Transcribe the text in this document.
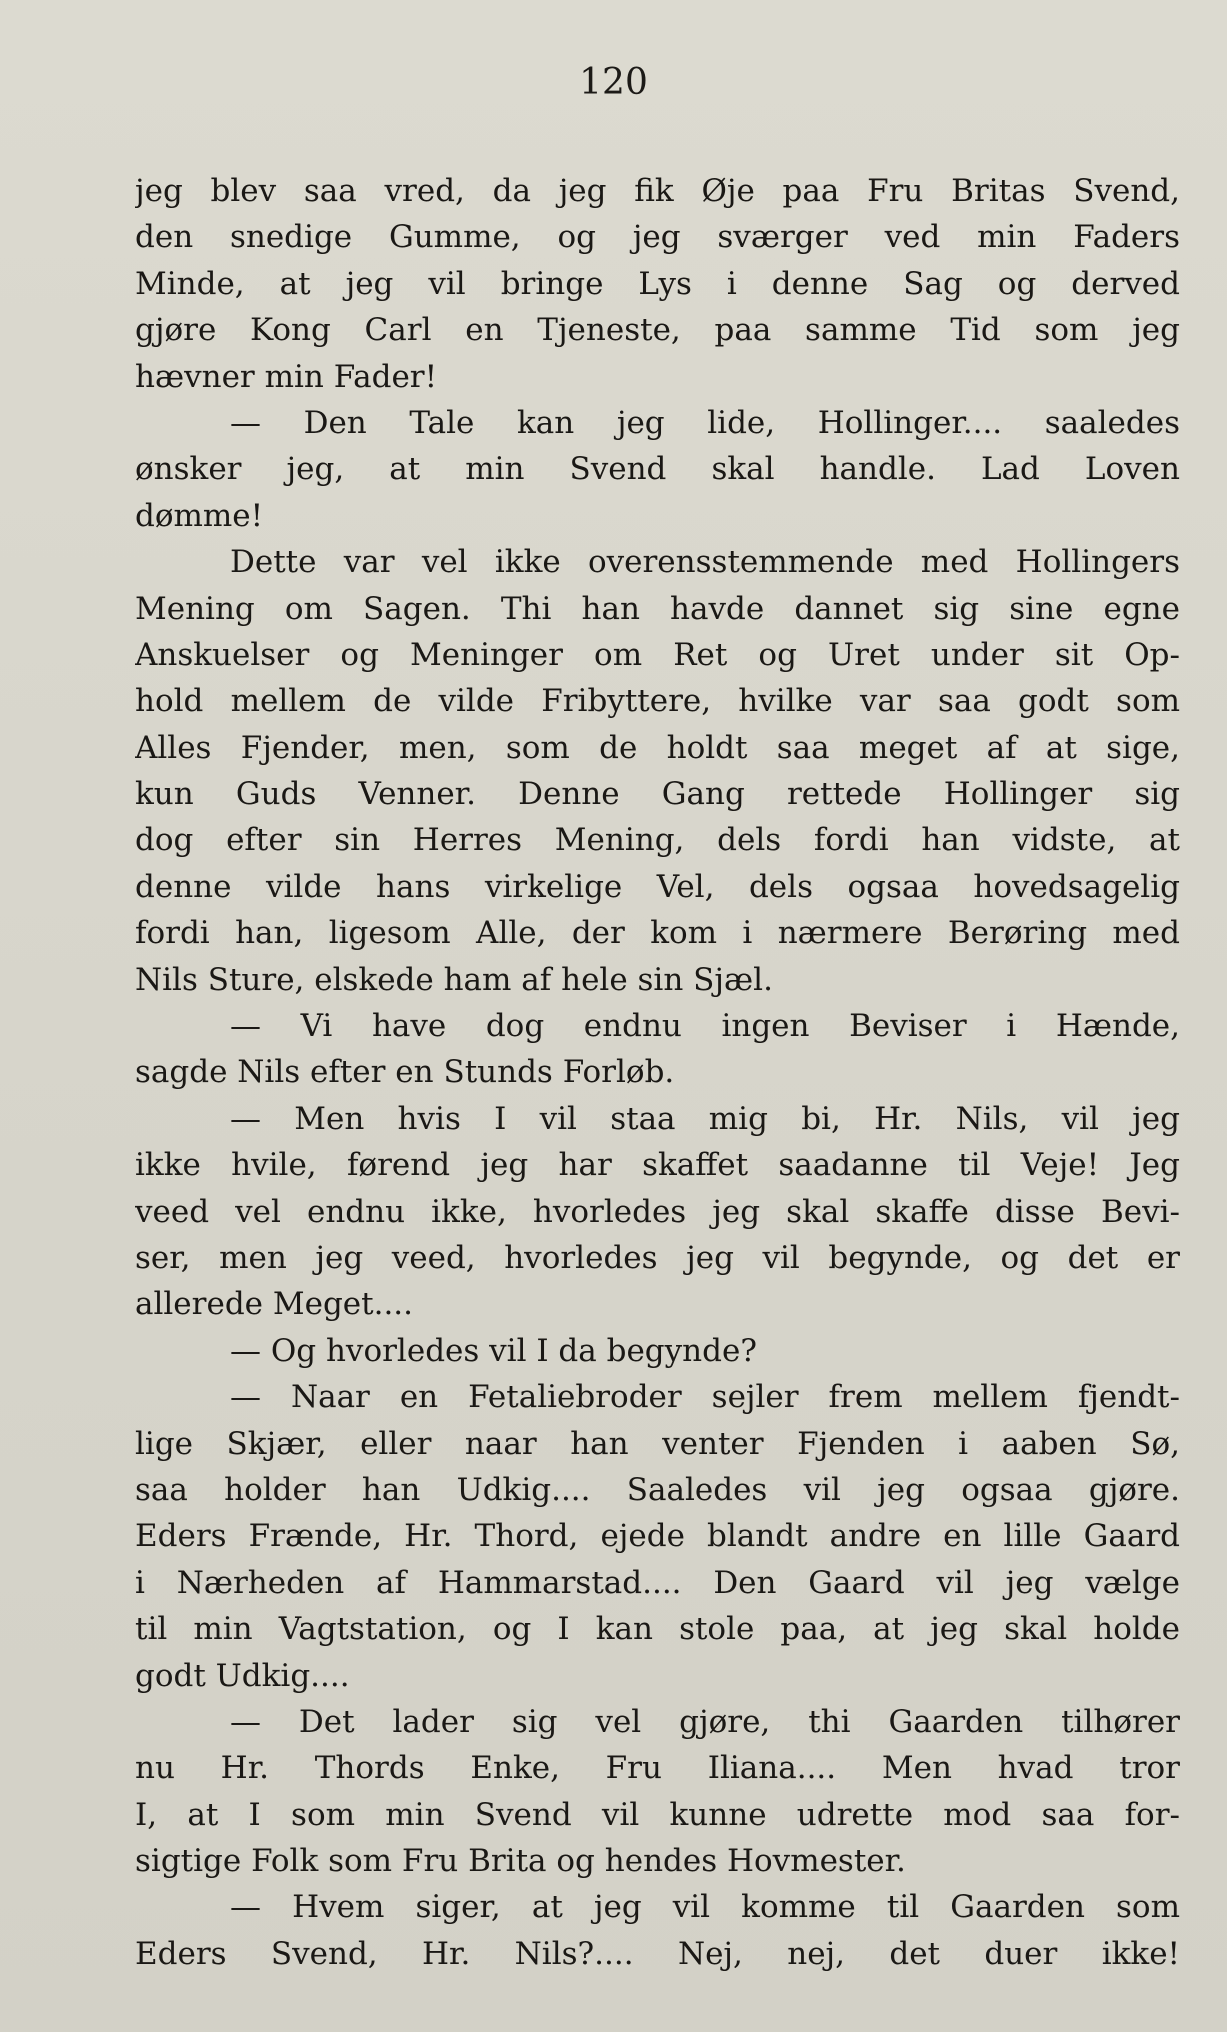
120
jeg blev saa vred, da jeg fik Øje paa Fru Britas Svend,
den snedige Gumme, og jeg sværger ved min Faders
Minde, at jeg vil bringe Lys i denne Sag og derved
gjøre Kong Carl en Tjeneste, paa samme Tid som jeg
hævner min Fader!
— Den Tale kan jeg lide, Hollinger.... saaledes
ønsker jeg, at min Svend skal handle. Lad Loven
dømme!
Dette var vel ikke overensstemmende med Hollingers
Mening om Sagen. Thi han havde dannet sig sine egne
Anskuelser og Meninger om Ret og Uret under sit Op-
hold mellem de vilde Fribyttere, hvilke var saa godt som
Alles Fjender, men, som de holdt saa meget af at sige,
kun Guds Venner. Denne Gang rettede Hollinger sig
dog efter sin Herres Mening, dels fordi han vidste, at
denne vilde hans virkelige Vel, dels ogsaa hovedsagelig
fordi han, ligesom Alle, der kom i nærmere Berøring med
Nils Sture, elskede ham af hele sin Sjæl.
— Vi have dog endnu ingen Beviser i Hænde,
sagde Nils efter en Stunds Forløb.
— Men hvis I vil staa mig bi, Hr. Nils, vil jeg
ikke hvile, førend jeg har skaffet saadanne til Veje! Jeg
veed vel endnu ikke, hvorledes jeg skal skaffe disse Bevi-
ser, men jeg veed, hvorledes jeg vil begynde, og det er
allerede Meget....
— Og hvorledes vil I da begynde?
— Naar en Fetaliebroder sejler frem mellem fjendt-
lige Skjær, eller naar han venter Fjenden i aaben Sø,
saa holder han Udkig.... Saaledes vil jeg ogsaa gjøre.
Eders Frænde, Hr. Thord, ejede blandt andre en lille Gaard
i Nærheden af Hammarstad.... Den Gaard vil jeg vælge
til min Vagtstation, og I kan stole paa, at jeg skal holde
godt Udkig....
— Det lader sig vel gjøre, thi Gaarden tilhører
nu Hr. Thords Enke, Fru Iliana.... Men hvad tror
I, at I som min Svend vil kunne udrette mod saa for-
sigtige Folk som Fru Brita og hendes Hovmester.
— Hvem siger, at jeg vil komme til Gaarden som
Eders Svend, Hr. Nils?.... Nej, nej, det duer ikke!
